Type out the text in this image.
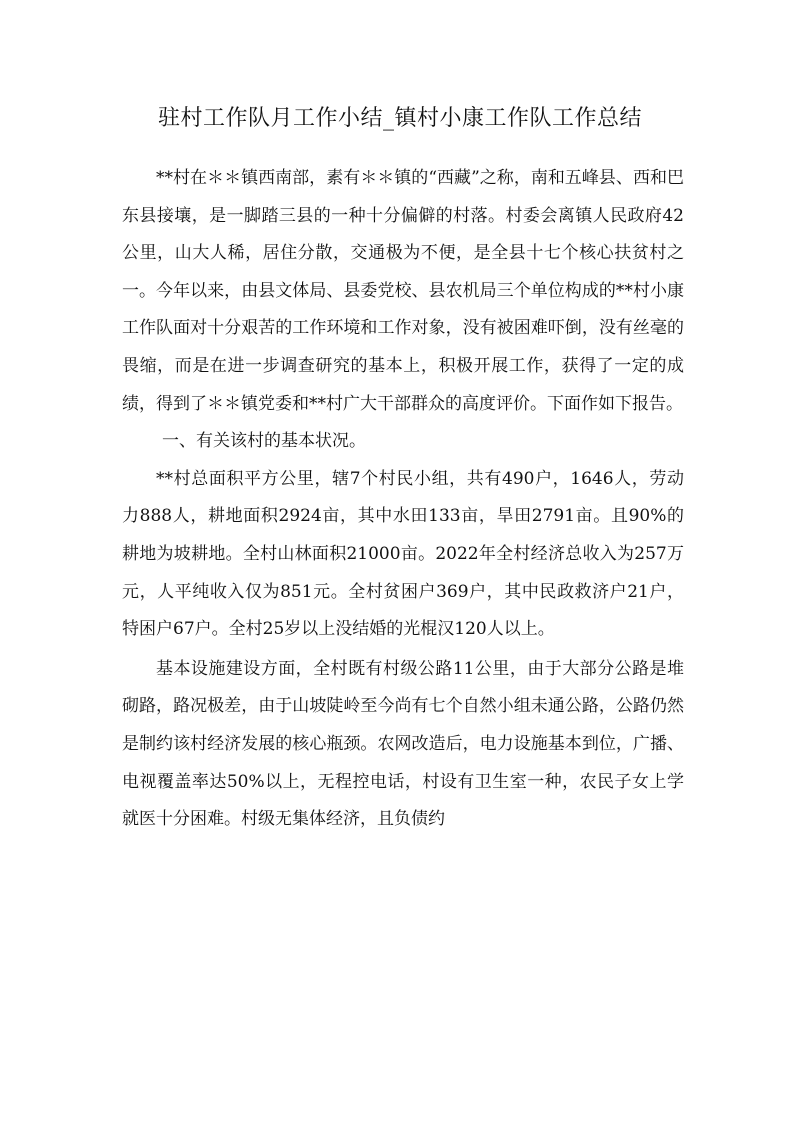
驻村工作队月工作小结_镇村小康工作队工作总结

**村在＊＊镇西南部，素有＊＊镇的“西藏”之称，南和五峰县、西和巴东县接壤，是一脚踏三县的一种十分偏僻的村落。村委会离镇人民政府42公里，山大人稀，居住分散，交通极为不便，是全县十七个核心扶贫村之一。今年以来，由县文体局、县委党校、县农机局三个单位构成的**村小康工作队面对十分艰苦的工作环境和工作对象，没有被困难吓倒，没有丝毫的畏缩，而是在进一步调查研究的基本上，积极开展工作，获得了一定的成绩，得到了＊＊镇党委和**村广大干部群众的高度评价。下面作如下报告。

一、有关该村的基本状况。

**村总面积平方公里，辖7个村民小组，共有490户，1646人，劳动力888人，耕地面积2924亩，其中水田133亩，旱田2791亩。且90%的耕地为坡耕地。全村山林面积21000亩。2022年全村经济总收入为257万元，人平纯收入仅为851元。全村贫困户369户，其中民政救济户21户，特困户67户。全村25岁以上没结婚的光棍汉120人以上。

基本设施建设方面，全村既有村级公路11公里，由于大部分公路是堆砌路，路况极差，由于山坡陡岭至今尚有七个自然小组未通公路，公路仍然是制约该村经济发展的核心瓶颈。农网改造后，电力设施基本到位，广播、电视覆盖率达50%以上，无程控电话，村设有卫生室一种，农民子女上学就医十分困难。村级无集体经济，且负债约
